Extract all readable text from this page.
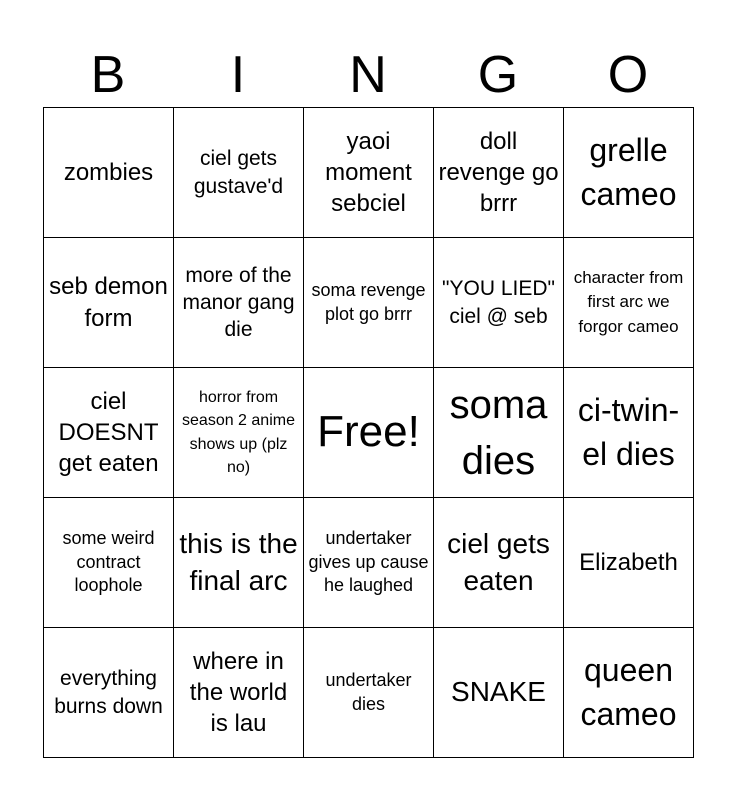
B	I	N	G	O
zombies	ciel gets gustave'd	yaoi moment sebciel	doll revenge go brrr	grelle cameo
seb demon form	more of the manor gang die	soma revenge plot go brrr	"YOU LIED" ciel @ seb	character from first arc we forgor cameo
ciel DOESNT get eaten	horror from season 2 anime shows up (plz no)	Free!	soma dies	ci-twin-el dies
some weird contract loophole	this is the final arc	undertaker gives up cause he laughed	ciel gets eaten	Elizabeth
everything burns down	where in the world is lau	undertaker dies	SNAKE	queen cameo
